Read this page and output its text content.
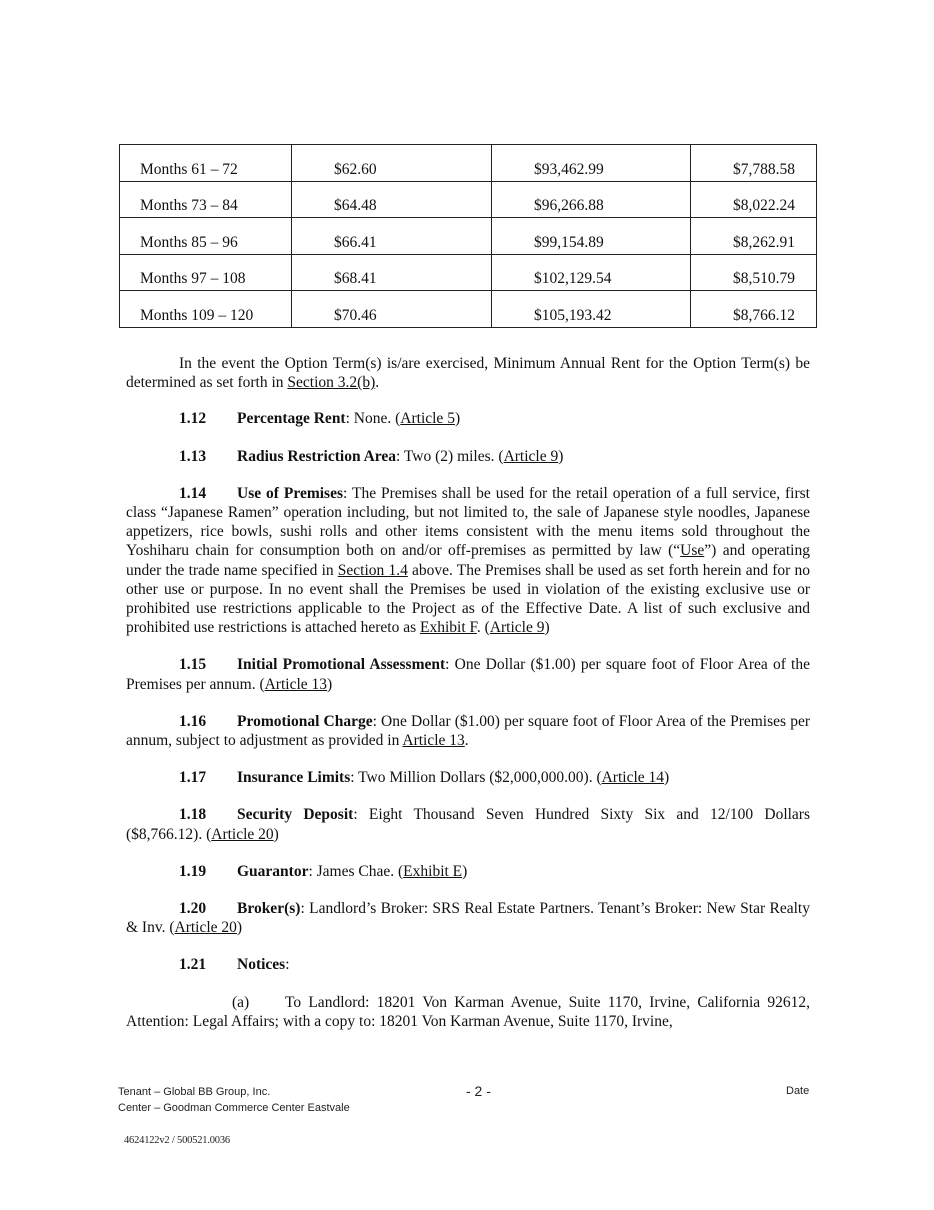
Months 61 – 72	$62.60	$93,462.99	$7,788.58
Months 73 – 84	$64.48	$96,266.88	$8,022.24
Months 85 – 96	$66.41	$99,154.89	$8,262.91
Months 97 – 108	$68.41	$102,129.54	$8,510.79
Months 109 – 120	$70.46	$105,193.42	$8,766.12

In the event the Option Term(s) is/are exercised, Minimum Annual Rent for the Option Term(s) be determined as set forth in Section 3.2(b).

1.12 Percentage Rent: None. (Article 5)

1.13 Radius Restriction Area: Two (2) miles. (Article 9)

1.14 Use of Premises: The Premises shall be used for the retail operation of a full service, first class “Japanese Ramen” operation including, but not limited to, the sale of Japanese style noodles, Japanese appetizers, rice bowls, sushi rolls and other items consistent with the menu items sold throughout the Yoshiharu chain for consumption both on and/or off-premises as permitted by law (“Use”) and operating under the trade name specified in Section 1.4 above. The Premises shall be used as set forth herein and for no other use or purpose. In no event shall the Premises be used in violation of the existing exclusive use or prohibited use restrictions applicable to the Project as of the Effective Date. A list of such exclusive and prohibited use restrictions is attached hereto as Exhibit F. (Article 9)

1.15 Initial Promotional Assessment: One Dollar ($1.00) per square foot of Floor Area of the Premises per annum. (Article 13)

1.16 Promotional Charge: One Dollar ($1.00) per square foot of Floor Area of the Premises per annum, subject to adjustment as provided in Article 13.

1.17 Insurance Limits: Two Million Dollars ($2,000,000.00). (Article 14)

1.18 Security Deposit: Eight Thousand Seven Hundred Sixty Six and 12/100 Dollars ($8,766.12). (Article 20)

1.19 Guarantor: James Chae. (Exhibit E)

1.20 Broker(s): Landlord’s Broker: SRS Real Estate Partners. Tenant’s Broker: New Star Realty & Inv. (Article 20)

1.21 Notices:

(a) To Landlord: 18201 Von Karman Avenue, Suite 1170, Irvine, California 92612, Attention: Legal Affairs; with a copy to: 18201 Von Karman Avenue, Suite 1170, Irvine,

Tenant – Global BB Group, Inc.
Center – Goodman Commerce Center Eastvale
- 2 -	Date
4624122v2 / 500521.0036
